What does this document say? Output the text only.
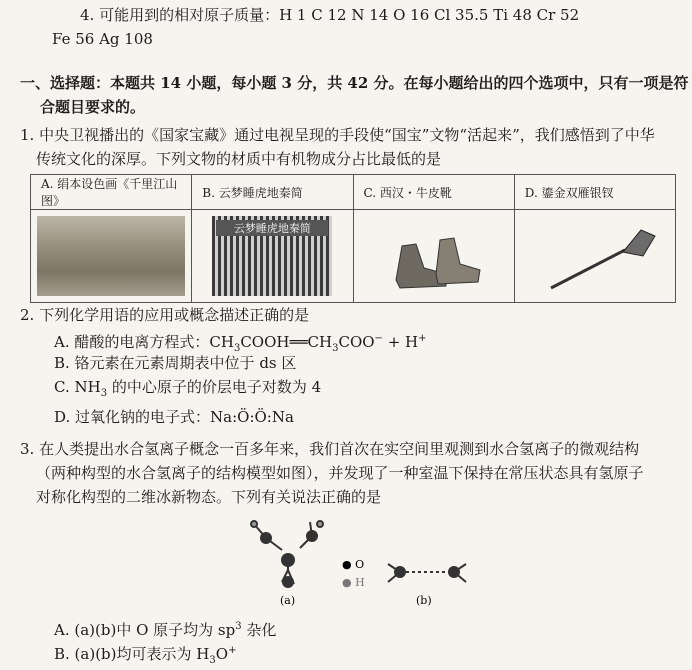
4. 可能用到的相对原子质量：H 1 C 12 N 14 O 16 Cl 35.5 Ti 48 Cr 52
Fe 56 Ag 108
一、选择题：本题共 14 小题，每小题 3 分，共 42 分。在每小题给出的四个选项中，只有一项是符
合题目要求的。
1. 中央卫视播出的《国家宝藏》通过电视呈现的手段使“国宝”文物“活起来”，我们感悟到了中华
传统文化的深厚。下列文物的材质中有机物成分占比最低的是
A. 绢本设色画《千里江山图》	B. 云梦睡虎地秦简	C. 西汉・牛皮靴	D. 鎏金双雁银钗

	云梦睡虎地秦简

2. 下列化学用语的应用或概念描述正确的是
A. 醋酸的电离方程式：$CH_3COOH══CH_3COO^- + H^+$
B. 铬元素在元素周期表中位于 ds 区
C. $NH_3$ 的中心原子的价层电子对数为 4
D. 过氧化钠的电子式：Na:Ö:Ö:Na
3. 在人类提出水合氢离子概念一百多年来，我们首次在实空间里观测到水合氢离子的微观结构
（两种构型的水合氢离子的结构模型如图），并发现了一种室温下保持在常压状态具有氢原子
对称化构型的二维冰新物态。下列有关说法正确的是
● O
● H
(a)	(b)
A. (a)(b)中 O 原子均为 $sp^3$ 杂化
B. (a)(b)均可表示为 $H_3O^+$
